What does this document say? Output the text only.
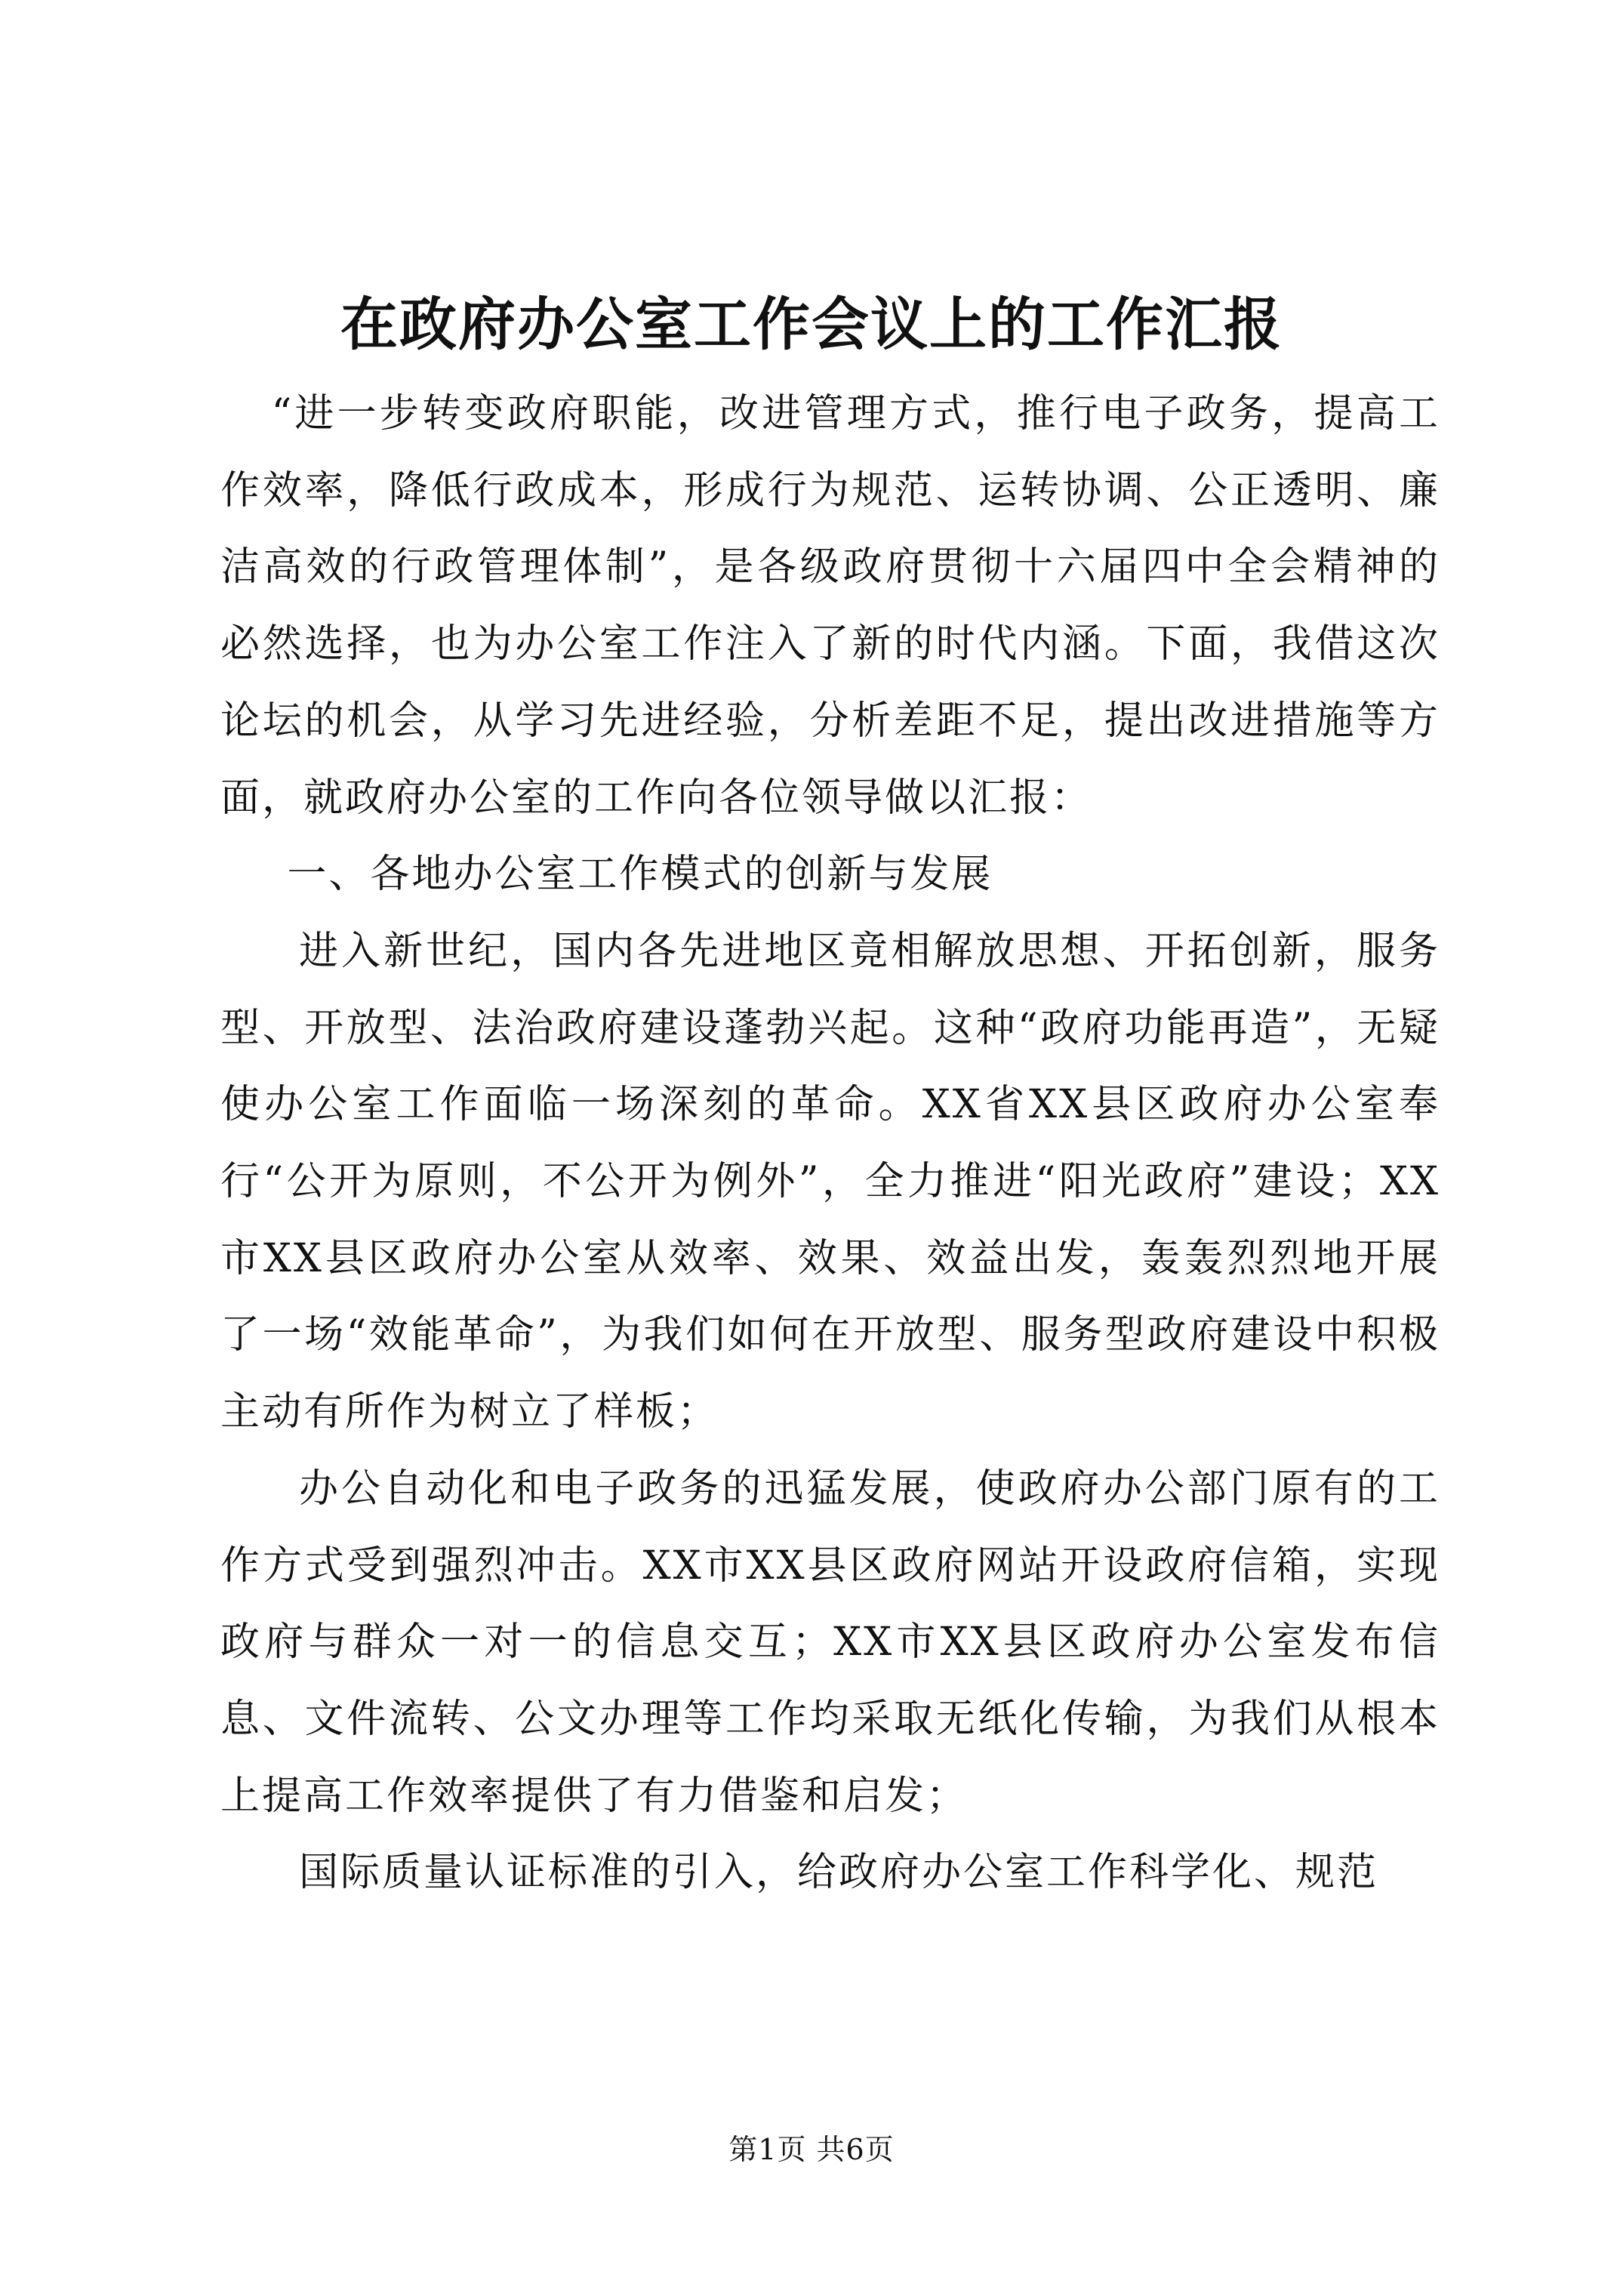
在政府办公室工作会议上的工作汇报

“进一步转变政府职能，改进管理方式，推行电子政务，提高工作效率，降低行政成本，形成行为规范、运转协调、公正透明、廉洁高效的行政管理体制”，是各级政府贯彻十六届四中全会精神的必然选择，也为办公室工作注入了新的时代内涵。下面，我借这次论坛的机会，从学习先进经验，分析差距不足，提出改进措施等方面，就政府办公室的工作向各位领导做以汇报：

一、各地办公室工作模式的创新与发展

进入新世纪，国内各先进地区竟相解放思想、开拓创新，服务型、开放型、法治政府建设蓬勃兴起。这种“政府功能再造”，无疑使办公室工作面临一场深刻的革命。XX省XX县区政府办公室奉行“公开为原则，不公开为例外”，全力推进“阳光政府”建设；XX市XX县区政府办公室从效率、效果、效益出发，轰轰烈烈地开展了一场“效能革命”，为我们如何在开放型、服务型政府建设中积极主动有所作为树立了样板；

办公自动化和电子政务的迅猛发展，使政府办公部门原有的工作方式受到强烈冲击。XX市XX县区政府网站开设政府信箱，实现政府与群众一对一的信息交互；XX市XX县区政府办公室发布信息、文件流转、公文办理等工作均采取无纸化传输，为我们从根本上提高工作效率提供了有力借鉴和启发；

国际质量认证标准的引入，给政府办公室工作科学化、规范

第1页 共6页
